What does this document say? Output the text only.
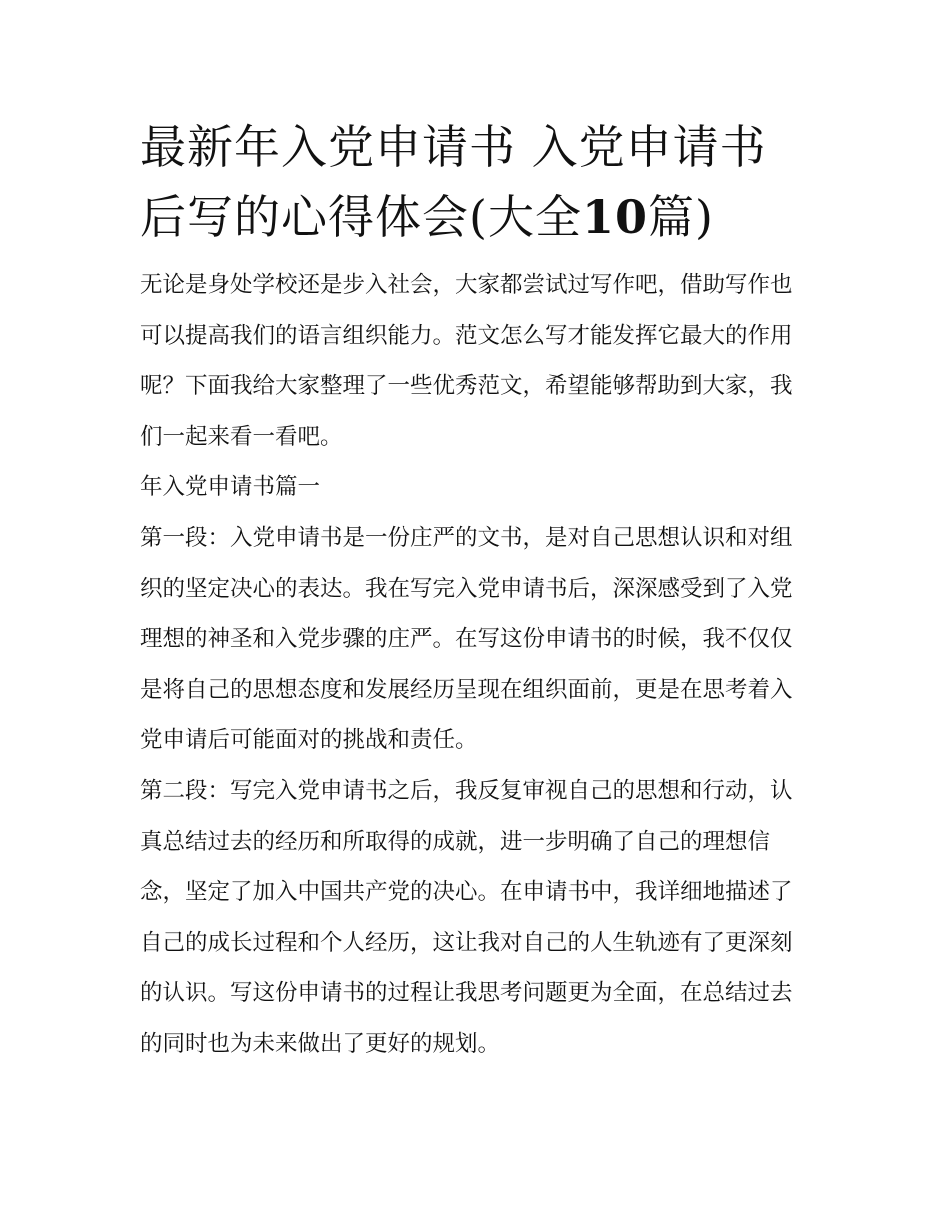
最新年入党申请书 入党申请书后写的心得体会(大全10篇)

无论是身处学校还是步入社会，大家都尝试过写作吧，借助写作也可以提高我们的语言组织能力。范文怎么写才能发挥它最大的作用呢？下面我给大家整理了一些优秀范文，希望能够帮助到大家，我们一起来看一看吧。

年入党申请书篇一

第一段：入党申请书是一份庄严的文书，是对自己思想认识和对组织的坚定决心的表达。我在写完入党申请书后，深深感受到了入党理想的神圣和入党步骤的庄严。在写这份申请书的时候，我不仅仅是将自己的思想态度和发展经历呈现在组织面前，更是在思考着入党申请后可能面对的挑战和责任。

第二段：写完入党申请书之后，我反复审视自己的思想和行动，认真总结过去的经历和所取得的成就，进一步明确了自己的理想信念，坚定了加入中国共产党的决心。在申请书中，我详细地描述了自己的成长过程和个人经历，这让我对自己的人生轨迹有了更深刻的认识。写这份申请书的过程让我思考问题更为全面，在总结过去的同时也为未来做出了更好的规划。
